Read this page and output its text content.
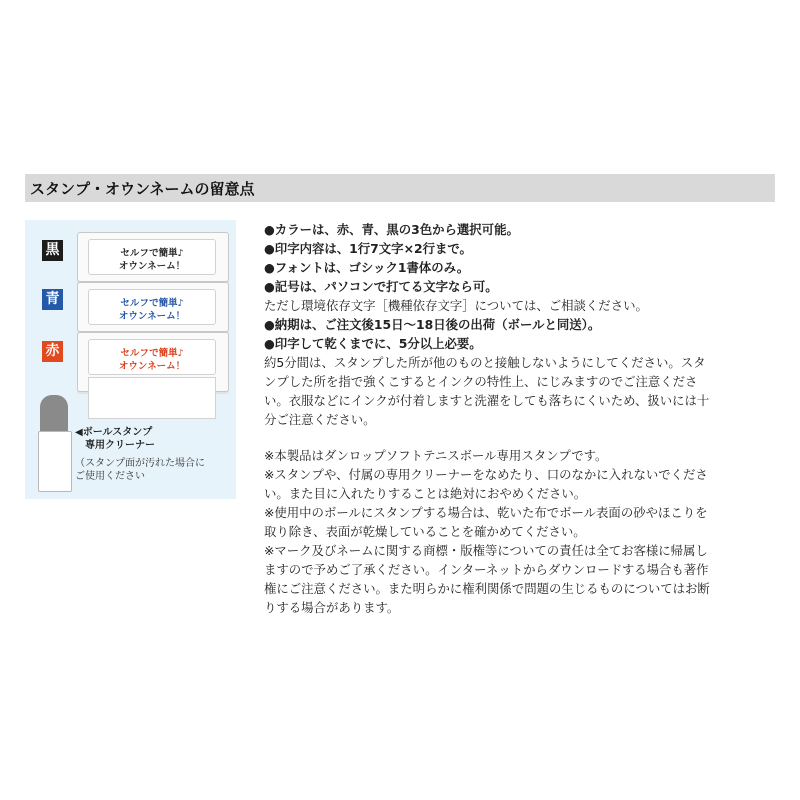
スタンプ・オウンネームの留意点
セルフで簡単♪
オウンネーム！
黒
セルフで簡単♪
オウンネーム！
青
セルフで簡単♪
オウンネーム！
赤
◀ボールスタンプ
専用クリーナー
（スタンプ面が汚れた場合に
ご使用ください
●カラーは、赤、青、黒の3色から選択可能。
●印字内容は、1行7文字×2行まで。
●フォントは、ゴシック1書体のみ。
●記号は、パソコンで打てる文字なら可。
ただし環境依存文字［機種依存文字］については、ご相談ください。
●納期は、ご注文後15日～18日後の出荷（ボールと同送）。
●印字して乾くまでに、5分以上必要。
約5分間は、スタンプした所が他のものと接触しないようにしてください。スタ
ンプした所を指で強くこするとインクの特性上、にじみますのでご注意くださ
い。衣服などにインクが付着しますと洗濯をしても落ちにくいため、扱いには十
分ご注意ください。
※本製品はダンロップソフトテニスボール専用スタンプです。
※スタンプや、付属の専用クリーナーをなめたり、口のなかに入れないでくださ
い。また目に入れたりすることは絶対におやめください。
※使用中のボールにスタンプする場合は、乾いた布でボール表面の砂やほこりを
取り除き、表面が乾燥していることを確かめてください。
※マーク及びネームに関する商標・版権等についての責任は全てお客様に帰属し
ますので予めご了承ください。インターネットからダウンロードする場合も著作
権にご注意ください。また明らかに権利関係で問題の生じるものについてはお断
りする場合があります。
